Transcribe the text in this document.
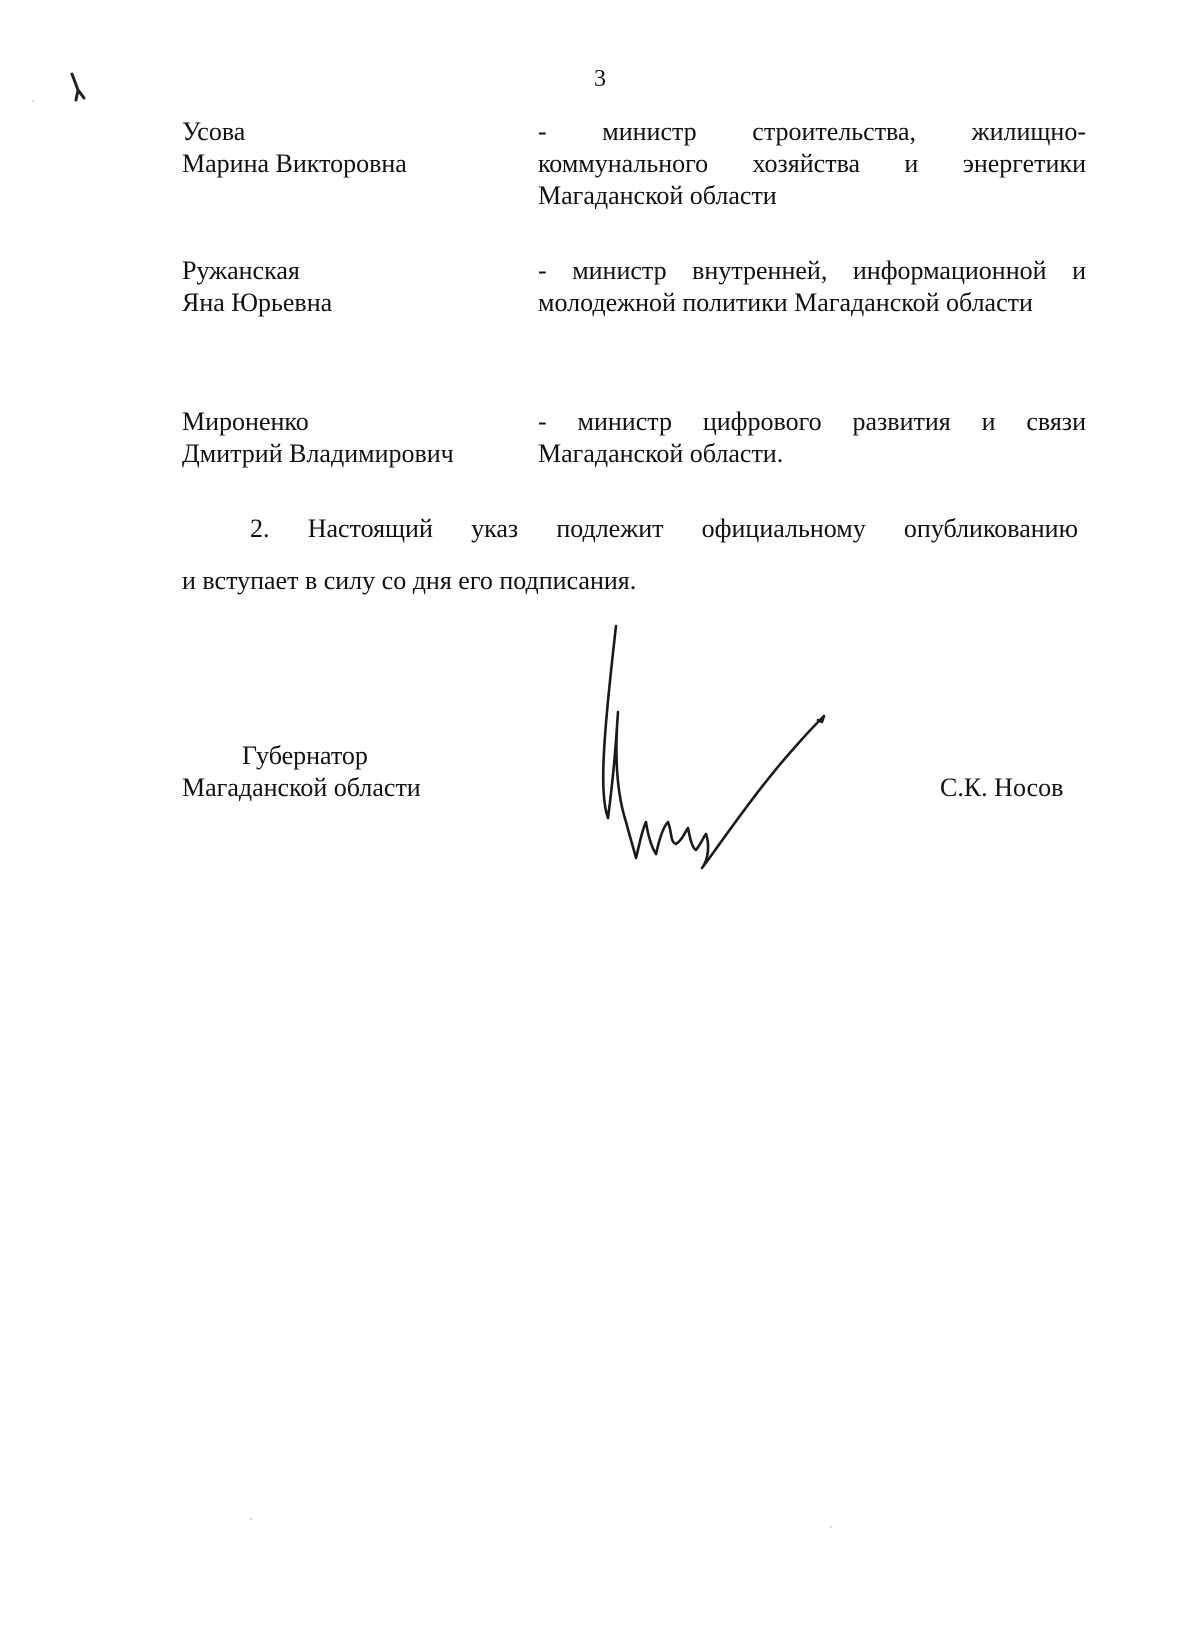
3
Усова
Марина Викторовна
- министр строительства, жилищно-коммунального хозяйства и энергетики Магаданской области
Ружанская
Яна Юрьевна
- министр внутренней, информационной и молодежной политики Магаданской области
Мироненко
Дмитрий Владимирович
- министр цифрового развития и связи Магаданской области.
2. Настоящий указ подлежит официальному опубликованию
и вступает в силу со дня его подписания.
Губернатор
Магаданской области	С.К. Носов
